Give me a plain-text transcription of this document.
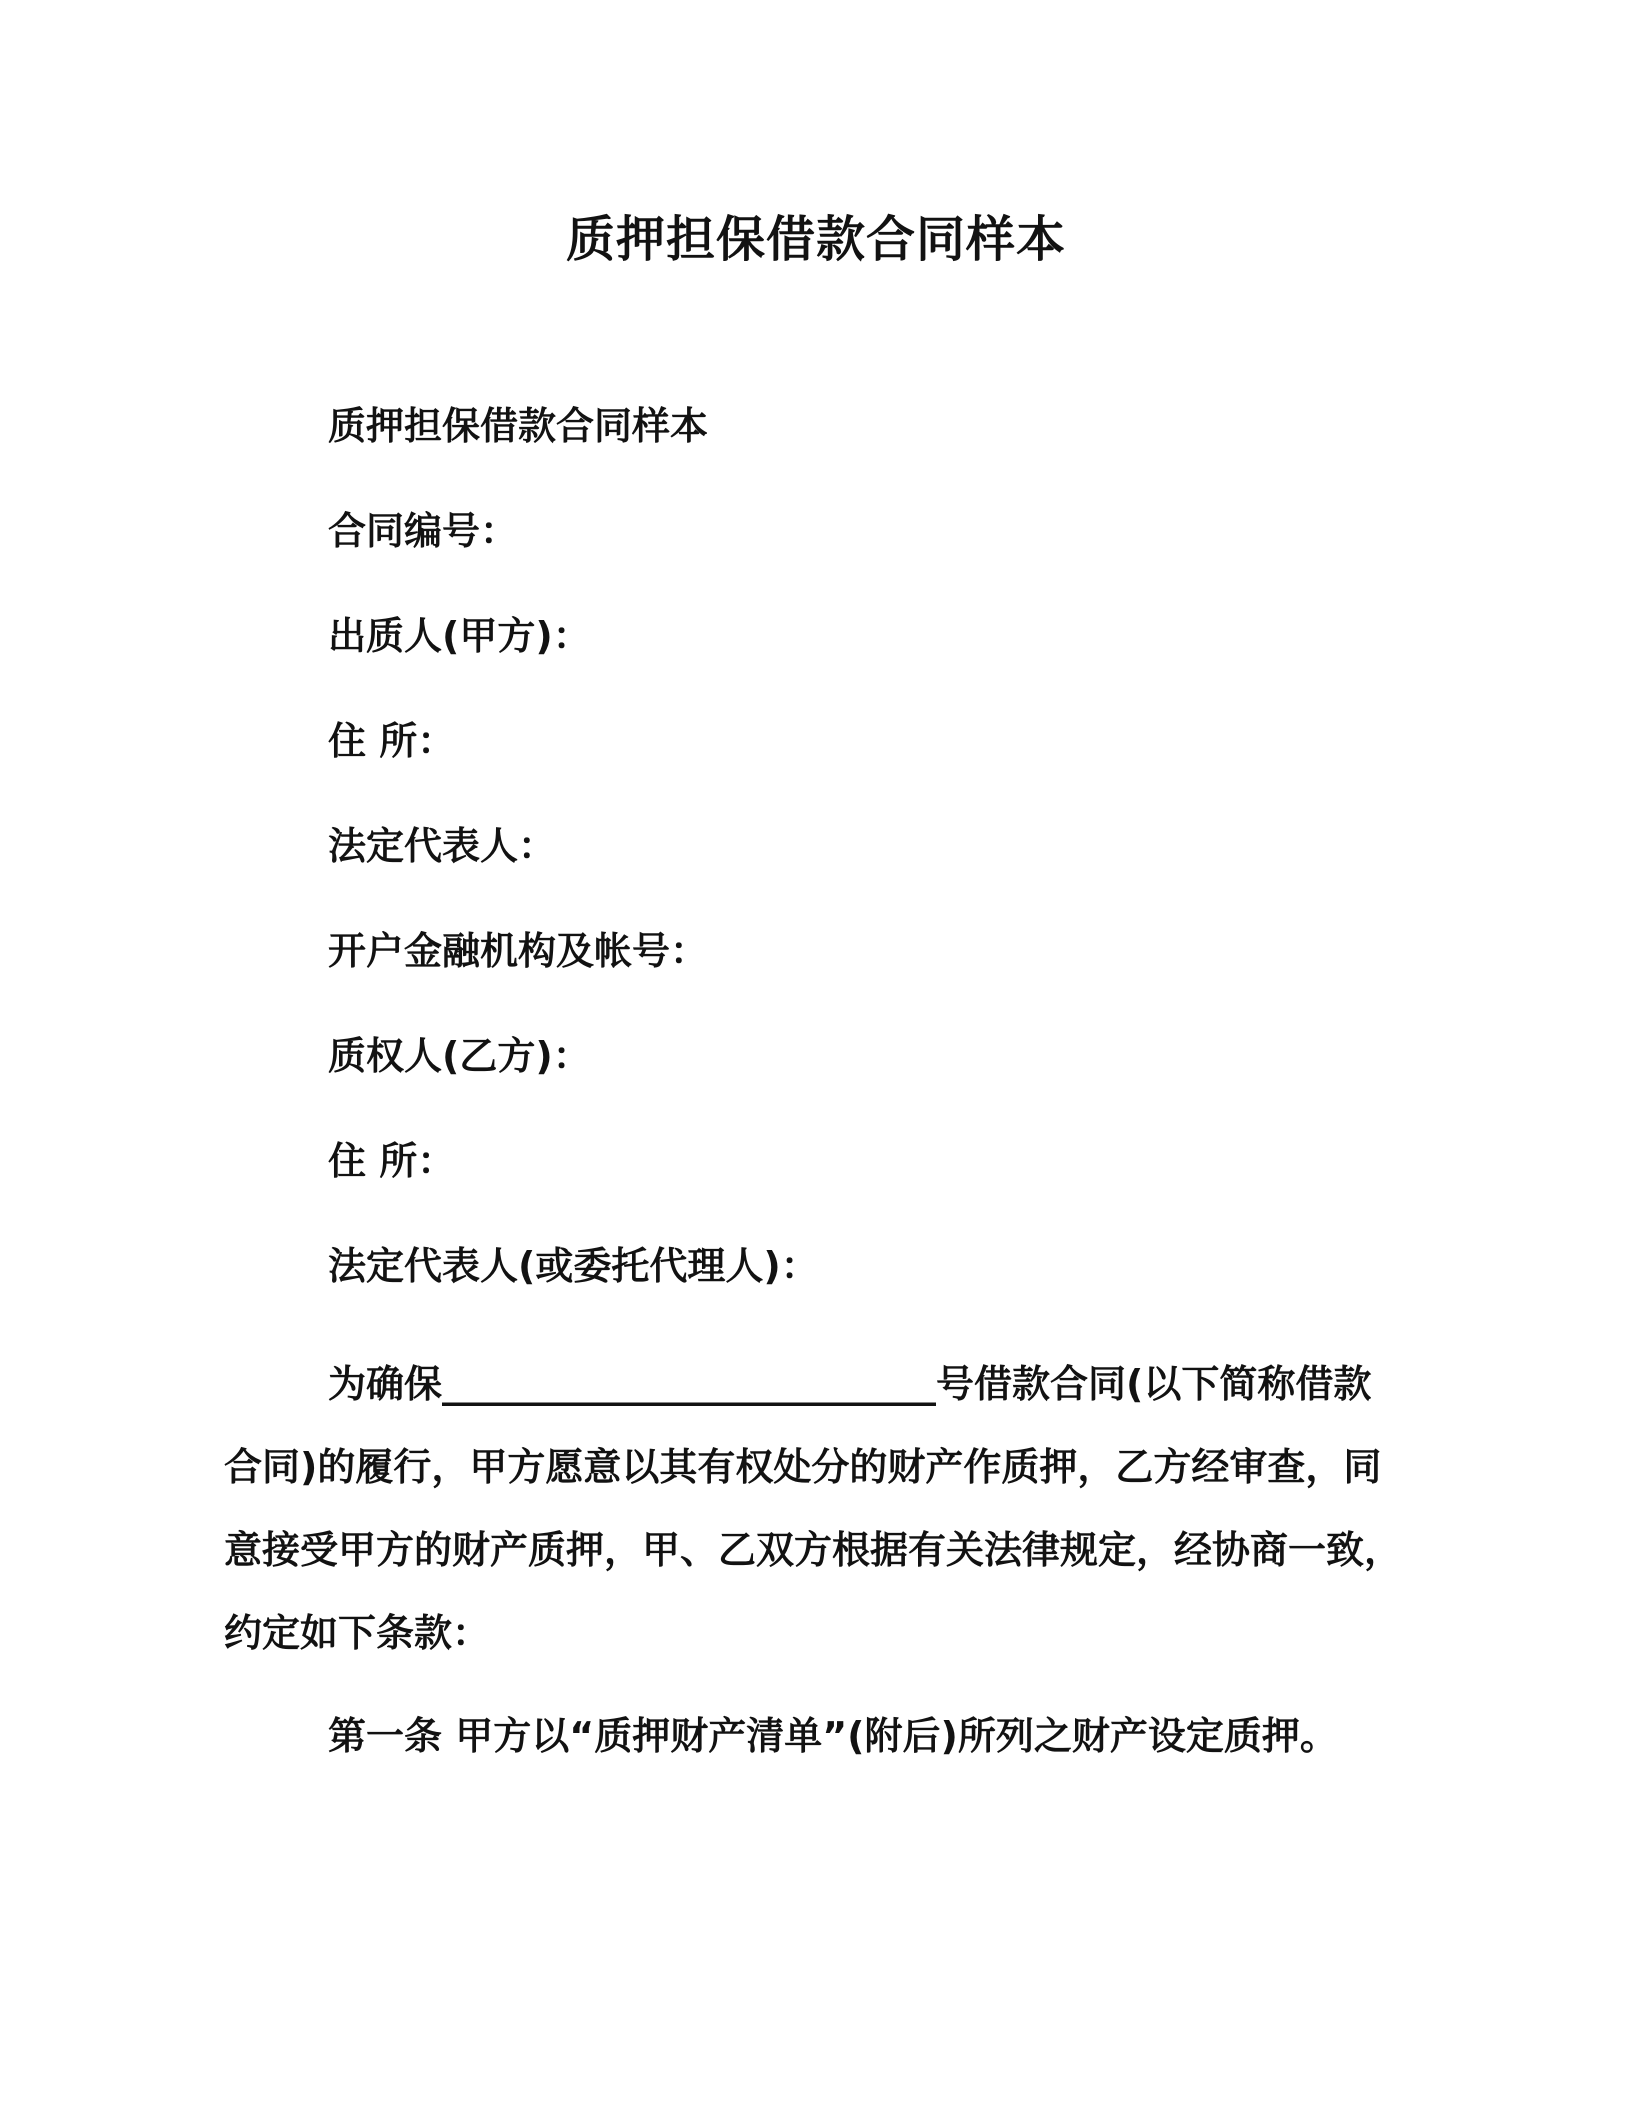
质押担保借款合同样本

质押担保借款合同样本

合同编号：

出质人(甲方)：

住 所：

法定代表人：

开户金融机构及帐号：

质权人(乙方)：

住 所：

法定代表人(或委托代理人)：

为确保__________________________号借款合同(以下简称借款合同)的履行，甲方愿意以其有权处分的财产作质押，乙方经审查，同意接受甲方的财产质押，甲、乙双方根据有关法律规定，经协商一致，约定如下条款：

第一条 甲方以“质押财产清单”(附后)所列之财产设定质押。
